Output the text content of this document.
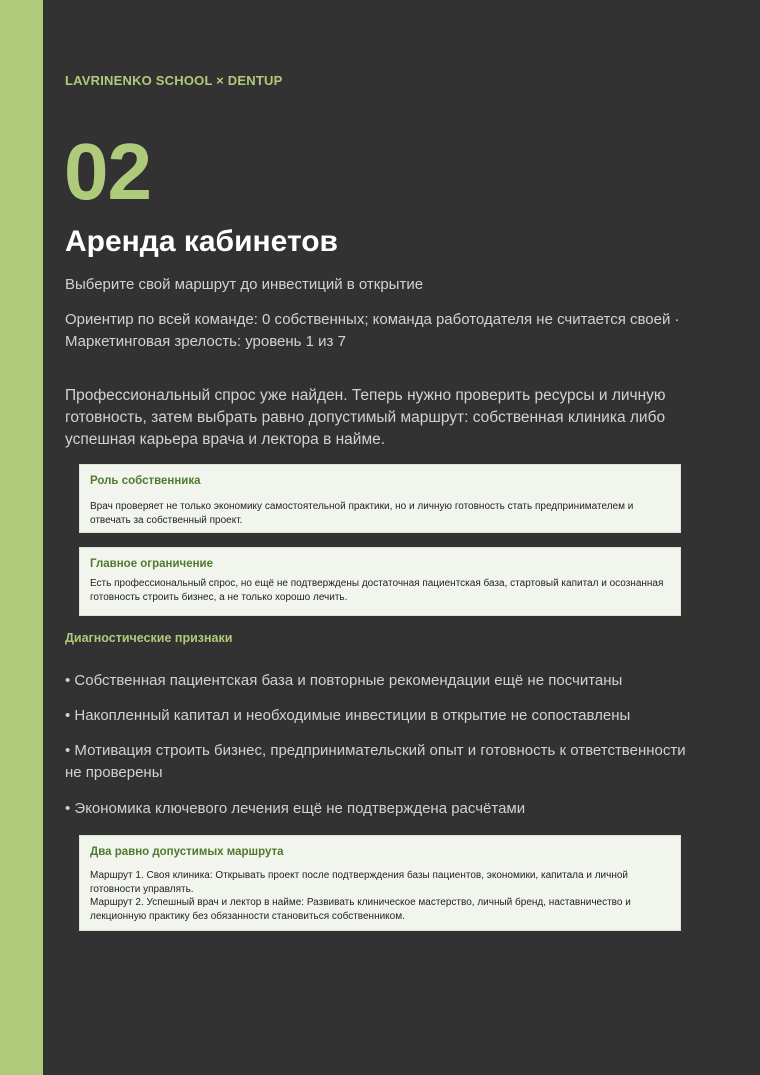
LAVRINENKO SCHOOL × DENTUP
02
Аренда кабинетов
Выберите свой маршрут до инвестиций в открытие
Ориентир по всей команде: 0 собственных; команда работодателя не считается своей · Маркетинговая зрелость: уровень 1 из 7
Профессиональный спрос уже найден. Теперь нужно проверить ресурсы и личную готовность, затем выбрать равно допустимый маршрут: собственная клиника либо успешная карьера врача и лектора в найме.
Роль собственника
Врач проверяет не только экономику самостоятельной практики, но и личную готовность стать предпринимателем и отвечать за собственный проект.
Главное ограничение
Есть профессиональный спрос, но ещё не подтверждены достаточная пациентская база, стартовый капитал и осознанная готовность строить бизнес, а не только хорошо лечить.
Диагностические признаки
• Собственная пациентская база и повторные рекомендации ещё не посчитаны
• Накопленный капитал и необходимые инвестиции в открытие не сопоставлены
• Мотивация строить бизнес, предпринимательский опыт и готовность к ответственности не проверены
• Экономика ключевого лечения ещё не подтверждена расчётами
Два равно допустимых маршрута
Маршрут 1. Своя клиника: Открывать проект после подтверждения базы пациентов, экономики, капитала и личной готовности управлять.
Маршрут 2. Успешный врач и лектор в найме: Развивать клиническое мастерство, личный бренд, наставничество и лекционную практику без обязанности становиться собственником.
